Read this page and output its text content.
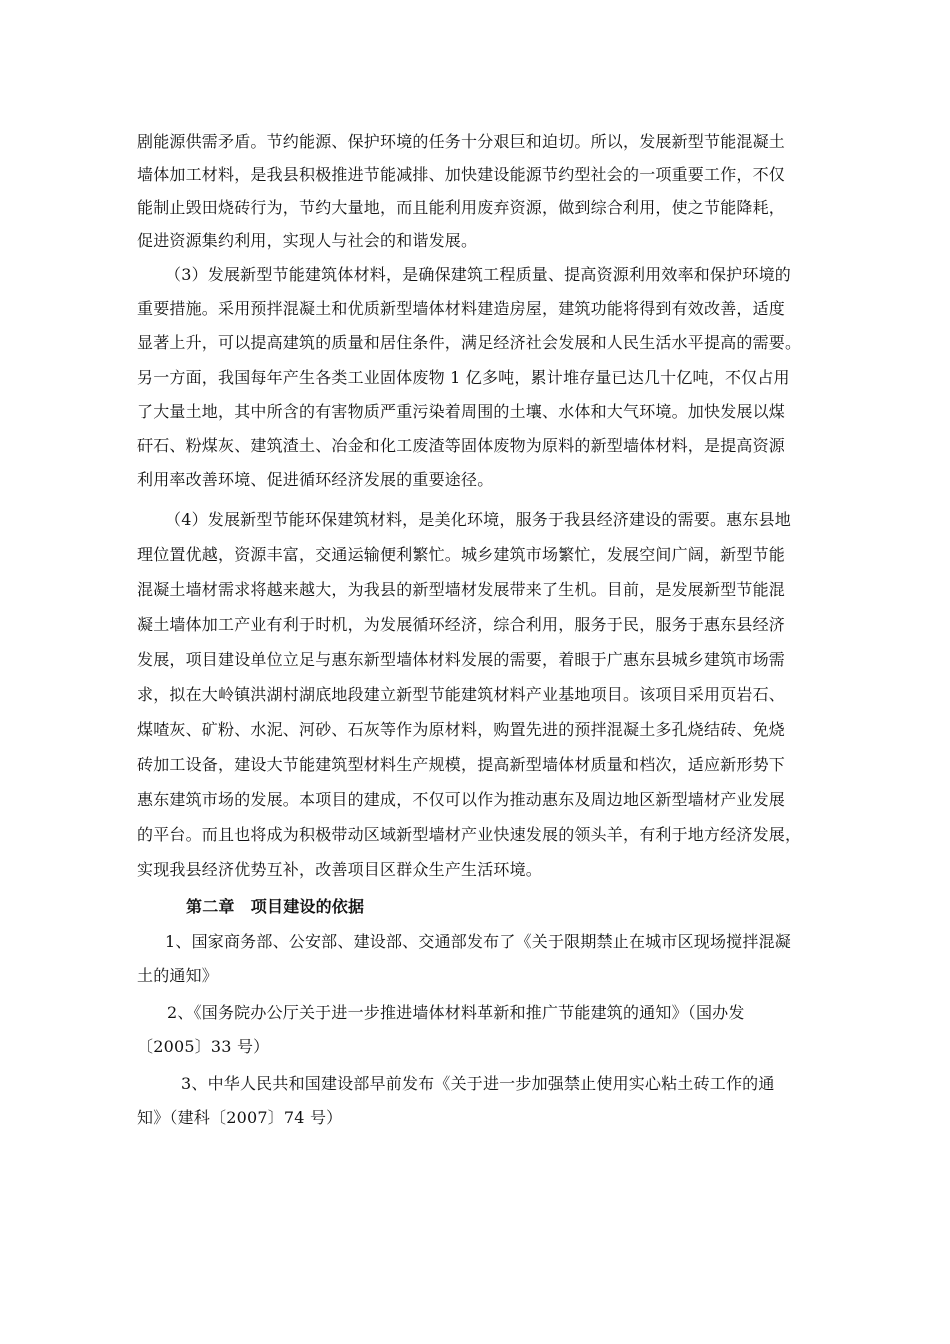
剧能源供需矛盾。节约能源、保护环境的任务十分艰巨和迫切。所以，发展新型节能混凝土
墙体加工材料，是我县积极推进节能减排、加快建设能源节约型社会的一项重要工作，不仅
能制止毁田烧砖行为，节约大量地，而且能利用废弃资源，做到综合利用，使之节能降耗，
促进资源集约利用，实现人与社会的和谐发展。
（3）发展新型节能建筑体材料，是确保建筑工程质量、提高资源利用效率和保护环境的
重要措施。采用预拌混凝土和优质新型墙体材料建造房屋，建筑功能将得到有效改善，适度
显著上升，可以提高建筑的质量和居住条件，满足经济社会发展和人民生活水平提高的需要。
另一方面，我国每年产生各类工业固体废物 1 亿多吨，累计堆存量已达几十亿吨，不仅占用
了大量土地，其中所含的有害物质严重污染着周围的土壤、水体和大气环境。加快发展以煤
矸石、粉煤灰、建筑渣土、冶金和化工废渣等固体废物为原料的新型墙体材料，是提高资源
利用率改善环境、促进循环经济发展的重要途径。
（4）发展新型节能环保建筑材料，是美化环境，服务于我县经济建设的需要。惠东县地
理位置优越，资源丰富，交通运输便利繁忙。城乡建筑市场繁忙，发展空间广阔，新型节能
混凝土墙材需求将越来越大，为我县的新型墙材发展带来了生机。目前，是发展新型节能混
凝土墙体加工产业有利于时机，为发展循环经济，综合利用，服务于民，服务于惠东县经济
发展，项目建设单位立足与惠东新型墙体材料发展的需要，着眼于广惠东县城乡建筑市场需
求，拟在大岭镇洪湖村湖底地段建立新型节能建筑材料产业基地项目。该项目采用页岩石、
煤喳灰、矿粉、水泥、河砂、石灰等作为原材料，购置先进的预拌混凝土多孔烧结砖、免烧
砖加工设备，建设大节能建筑型材料生产规模，提高新型墙体材质量和档次，适应新形势下
惠东建筑市场的发展。本项目的建成，不仅可以作为推动惠东及周边地区新型墙材产业发展
的平台。而且也将成为积极带动区域新型墙材产业快速发展的领头羊，有利于地方经济发展，
实现我县经济优势互补，改善项目区群众生产生活环境。
第二章　项目建设的依据
1、国家商务部、公安部、建设部、交通部发布了《关于限期禁止在城市区现场搅拌混凝
土的通知》
2、《国务院办公厅关于进一步推进墙体材料革新和推广节能建筑的通知》（国办发
〔2005〕33 号）
3、中华人民共和国建设部早前发布《关于进一步加强禁止使用实心粘土砖工作的通
知》（建科〔2007〕74 号）
